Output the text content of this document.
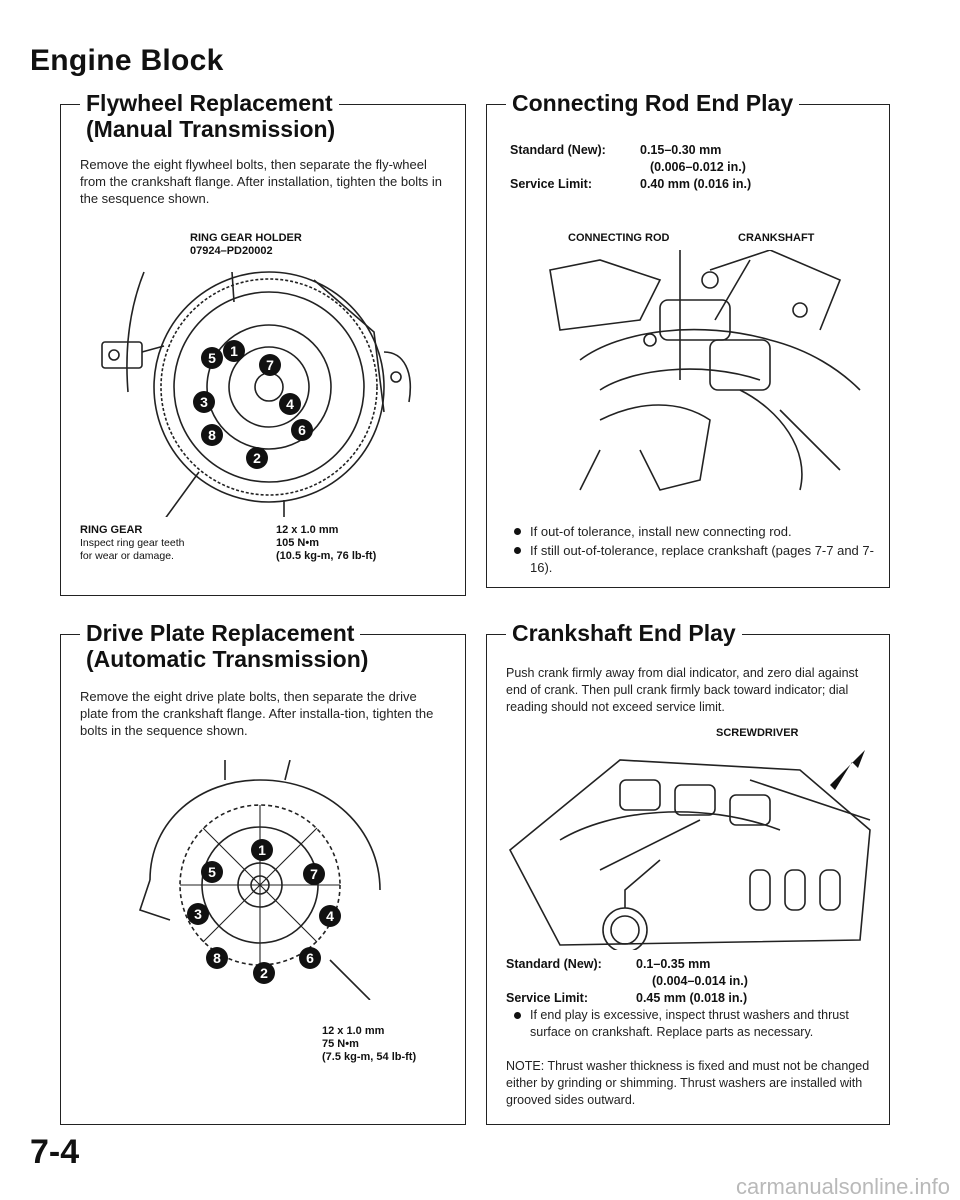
Engine Block
Flywheel Replacement
(Manual Transmission)
Remove the eight flywheel bolts, then separate the fly-wheel from the crankshaft flange. After installation, tighten the bolts in the sesquence shown.
RING GEAR HOLDER
07924–PD20002
1
2
3	4
5
6
7
8
RING GEAR
Inspect ring gear teeth for wear or damage.
12 x 1.0 mm
105 N•m
(10.5 kg-m, 76 lb-ft)
Drive Plate Replacement
(Automatic Transmission)
Remove the eight drive plate bolts, then separate the drive plate from the crankshaft flange. After installa-tion, tighten the bolts in the sequence shown.
1
2
3	4
5
6
7
8
12 x 1.0 mm
75 N•m
(7.5 kg-m, 54 lb-ft)
Connecting Rod End Play
Standard (New):	0.15–0.30 mm
(0.006–0.012 in.)
Service Limit:	0.40 mm (0.016 in.)
CONNECTING ROD	CRANKSHAFT
If out-of tolerance, install new connecting rod.
If still out-of-tolerance, replace crankshaft (pages 7-7 and 7-16).
Crankshaft End Play
Push crank firmly away from dial indicator, and zero dial against end of crank. Then pull crank firmly back toward indicator; dial reading should not exceed service limit.
SCREWDRIVER
Standard (New):	0.1–0.35 mm
(0.004–0.014 in.)
Service Limit:	0.45 mm (0.018 in.)
If end play is excessive, inspect thrust washers and thrust surface on crankshaft. Replace parts as necessary.
NOTE: Thrust washer thickness is fixed and must not be changed either by grinding or shimming. Thrust washers are installed with grooved sides outward.
7-4
carmanualsonline.info
